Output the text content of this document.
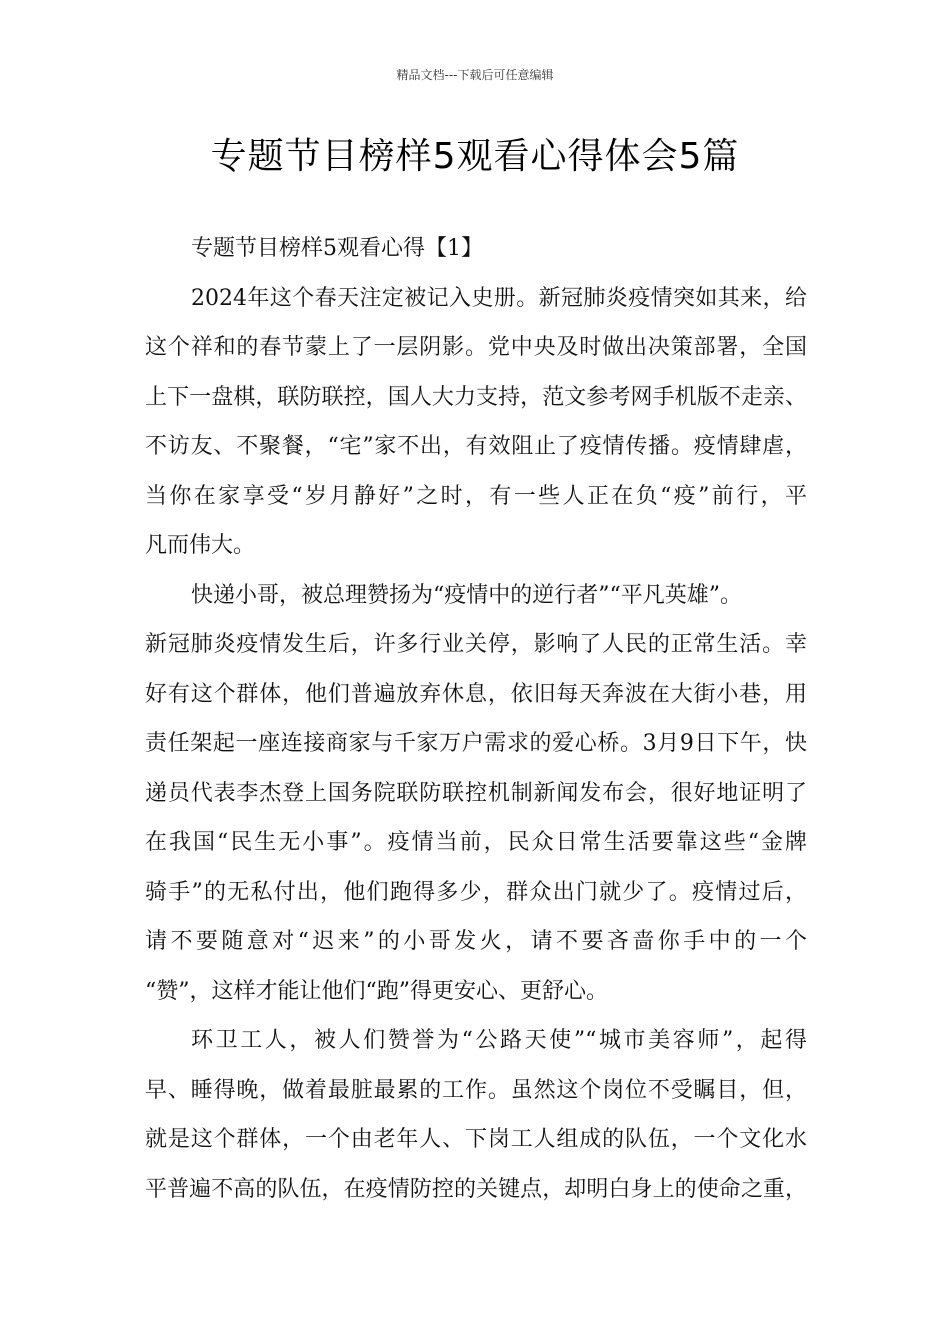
精品文档---下载后可任意编辑
专题节目榜样5观看心得体会5篇
专题节目榜样5观看心得【1】
2024年这个春天注定被记入史册。新冠肺炎疫情突如其来，给
这个祥和的春节蒙上了一层阴影。党中央及时做出决策部署，全国
上下一盘棋，联防联控，国人大力支持，范文参考网手机版不走亲、
不访友、不聚餐，“宅”家不出，有效阻止了疫情传播。疫情肆虐，
当你在家享受“岁月静好”之时，有一些人正在负“疫”前行，平
凡而伟大。
快递小哥，被总理赞扬为“疫情中的逆行者”“平凡英雄”。
新冠肺炎疫情发生后，许多行业关停，影响了人民的正常生活。幸
好有这个群体，他们普遍放弃休息，依旧每天奔波在大街小巷，用
责任架起一座连接商家与千家万户需求的爱心桥。3月9日下午，快
递员代表李杰登上国务院联防联控机制新闻发布会，很好地证明了
在我国“民生无小事”。疫情当前，民众日常生活要靠这些“金牌
骑手”的无私付出，他们跑得多少，群众出门就少了。疫情过后，
请不要随意对“迟来”的小哥发火，请不要吝啬你手中的一个
“赞”，这样才能让他们“跑”得更安心、更舒心。
环卫工人，被人们赞誉为“公路天使”“城市美容师”，起得
早、睡得晚，做着最脏最累的工作。虽然这个岗位不受瞩目，但，
就是这个群体，一个由老年人、下岗工人组成的队伍，一个文化水
平普遍不高的队伍，在疫情防控的关键点，却明白身上的使命之重，
